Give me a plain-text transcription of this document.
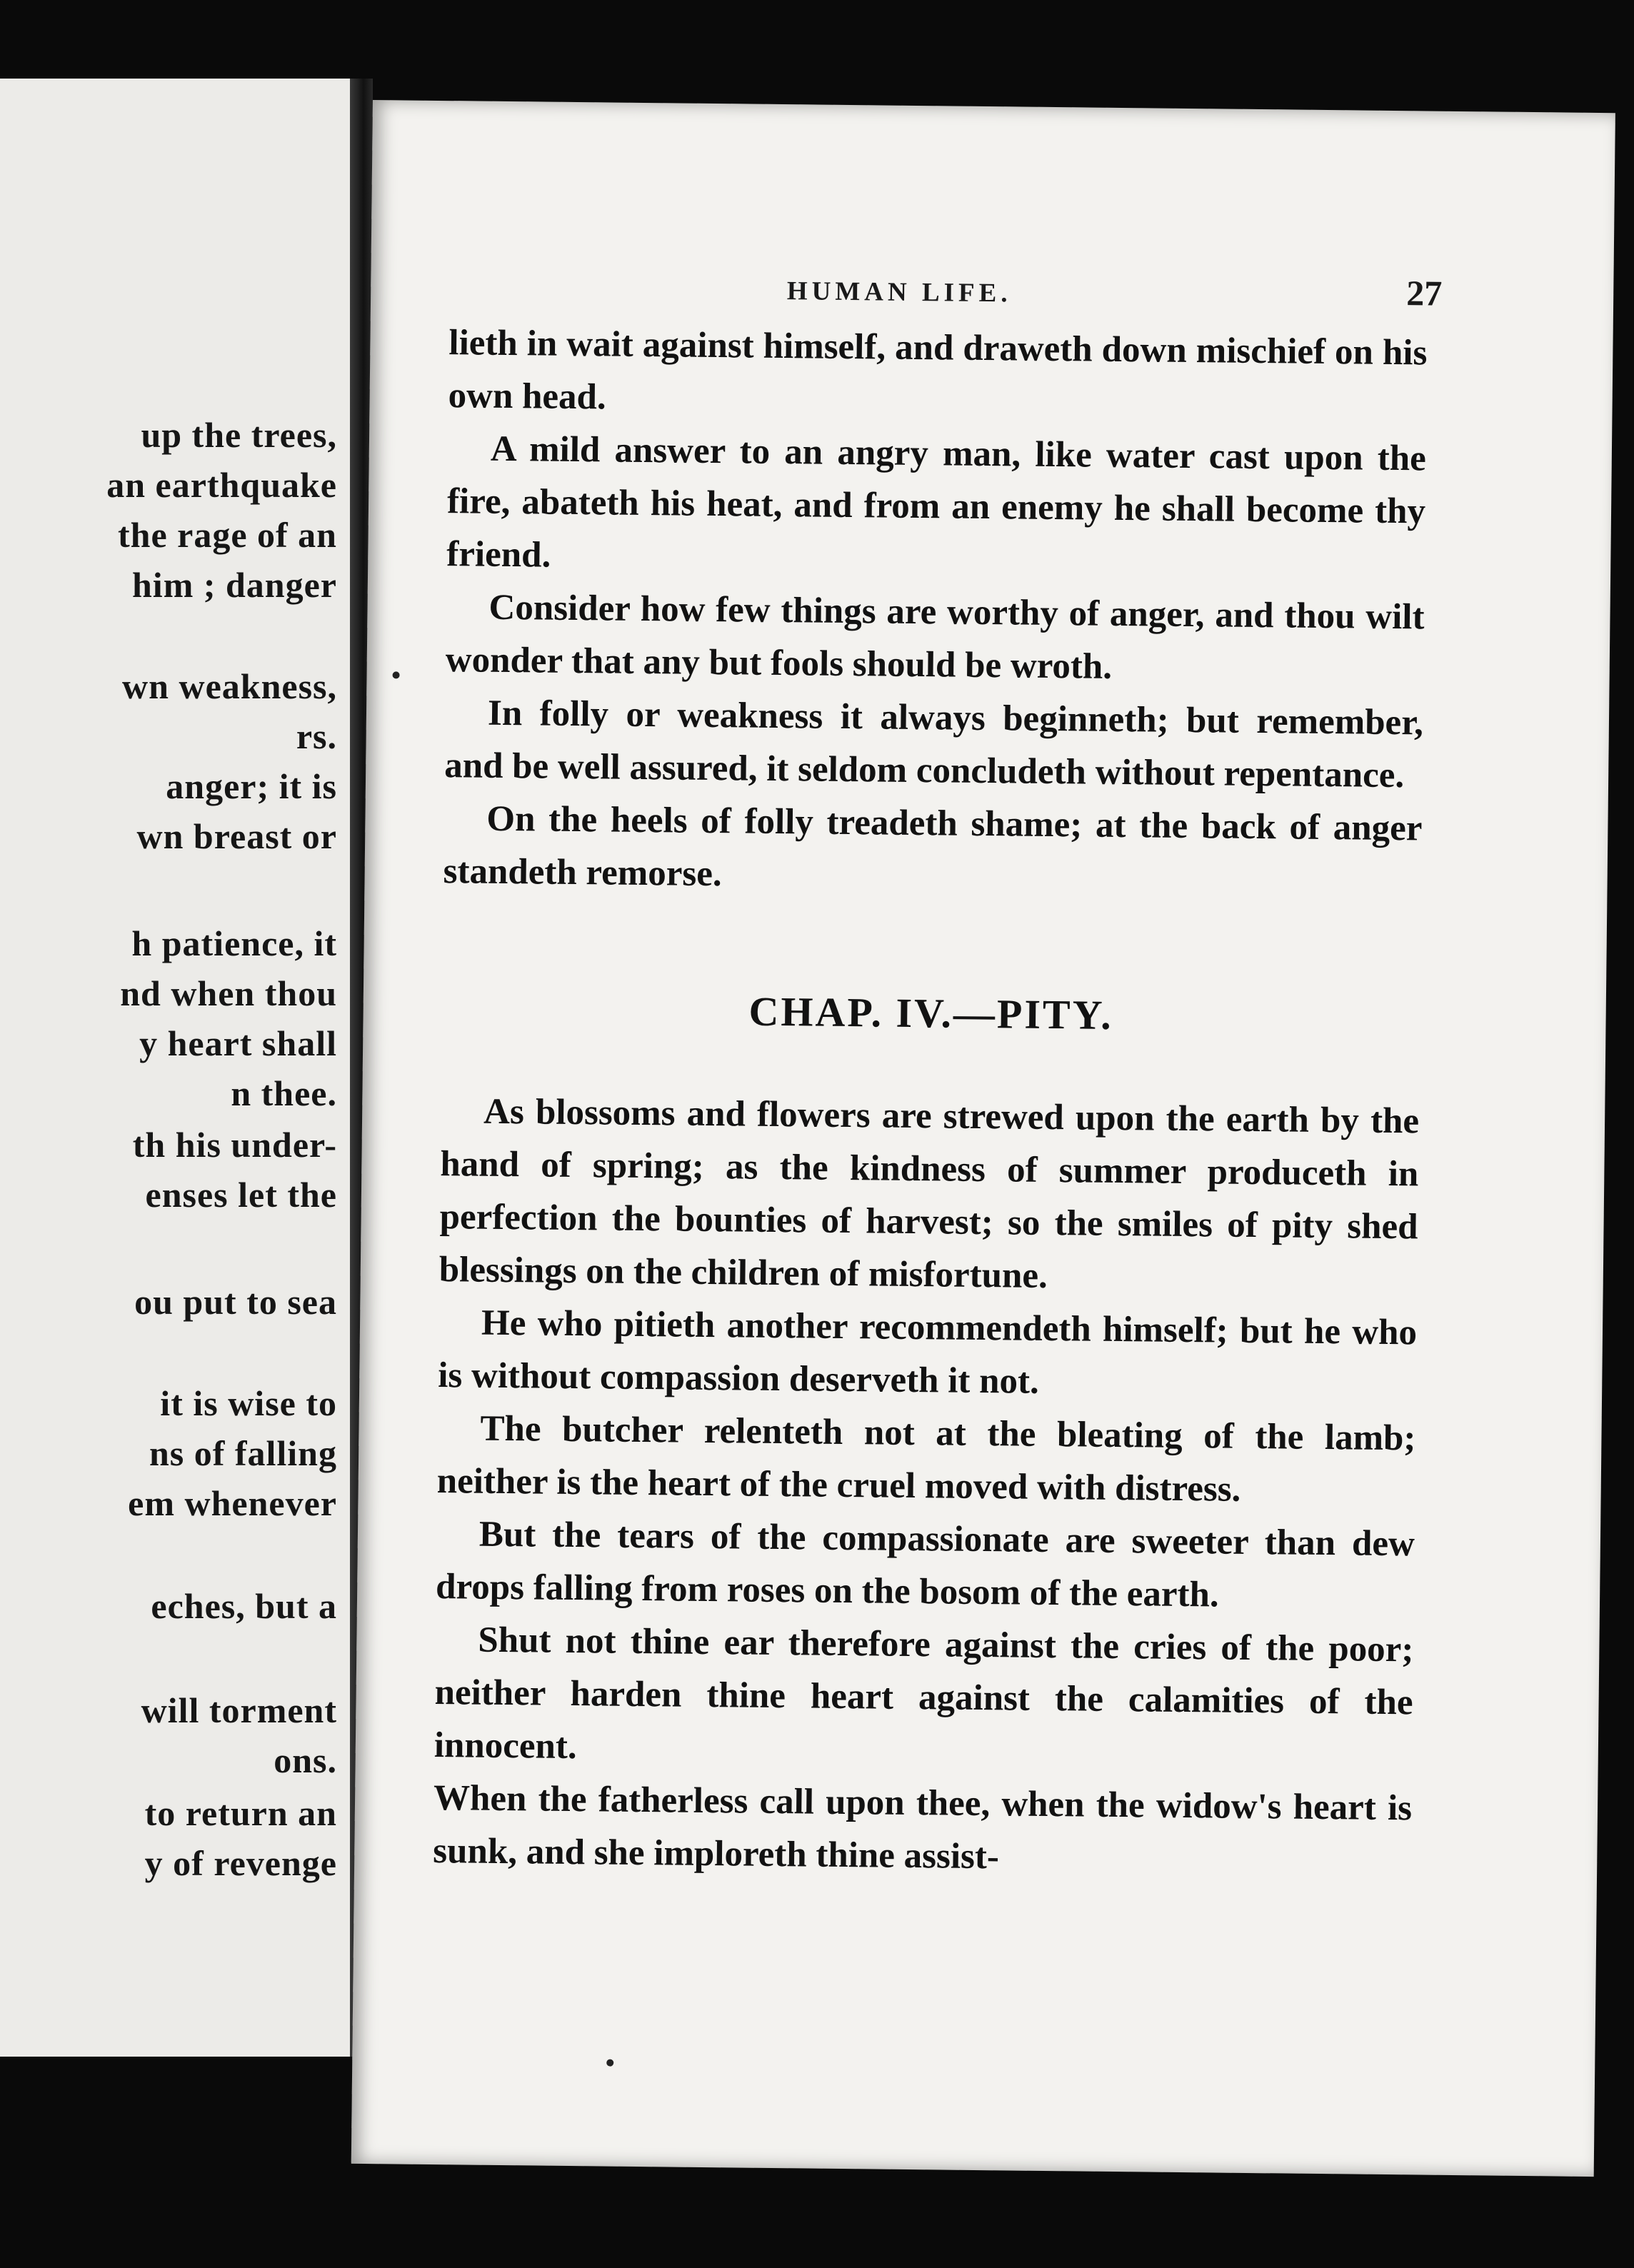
up the trees,
an earthquake
the rage of an
him ; danger
wn weakness,
rs.
anger; it is
wn breast or
h patience, it
nd when thou
y heart shall
n thee.
th his under-
enses let the
ou put to sea
it is wise to
ns of falling
em whenever
eches, but a
will torment
ons.
to return an
y of revenge
HUMAN LIFE.	27

lieth in wait against himself, and draweth down mischief on his own head.

A mild answer to an angry man, like water cast upon the fire, abateth his heat, and from an enemy he shall become thy friend.

Consider how few things are worthy of anger, and thou wilt wonder that any but fools should be wroth.

In folly or weakness it always beginneth; but remember, and be well assured, it seldom concludeth without repentance.

On the heels of folly treadeth shame; at the back of anger standeth remorse.

CHAP. IV.—PITY.

As blossoms and flowers are strewed upon the earth by the hand of spring; as the kindness of summer produceth in perfection the bounties of harvest; so the smiles of pity shed blessings on the children of misfortune.

He who pitieth another recommendeth himself; but he who is without compassion deserveth it not.

The butcher relenteth not at the bleating of the lamb; neither is the heart of the cruel moved with distress.

But the tears of the compassionate are sweeter than dew drops falling from roses on the bosom of the earth.

Shut not thine ear therefore against the cries of the poor; neither harden thine heart against the calamities of the innocent.

When the fatherless call upon thee, when the widow's heart is sunk, and she imploreth thine assist-
